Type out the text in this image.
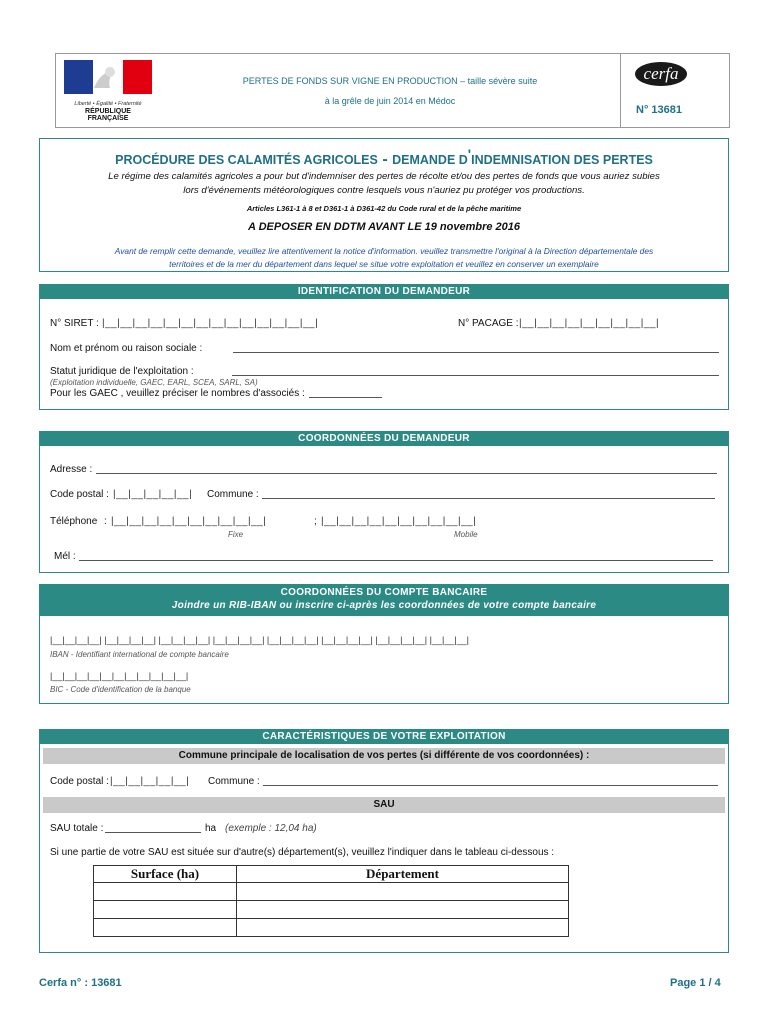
Liberté • Égalité • Fraternité
RÉPUBLIQUE FRANÇAISE
PERTES DE FONDS SUR VIGNE EN PRODUCTION – taille sévère suite
à la grêle de juin 2014 en Médoc
cerfa
N° 13681
PROCÉDURE DES CALAMITÉS AGRICOLES - DEMANDE D'INDEMNISATION DES PERTES
Le régime des calamités agricoles a pour but d'indemniser des pertes de récolte et/ou des pertes de fonds que vous auriez subies
lors d'événements météorologiques contre lesquels vous n'auriez pu protéger vos productions.
Articles L361-1 à 8 et D361-1 à D361-42 du Code rural et de la pêche maritime
A DEPOSER EN DDTM AVANT LE 19 novembre 2016
Avant de remplir cette demande, veuillez lire attentivement la notice d'information. veuillez transmettre l'original à la Direction départementale des
territoires et de la mer du département dans lequel se situe votre exploitation et veuillez en conserver un exemplaire
IDENTIFICATION DU DEMANDEUR
N° SIRET : |__|__|__|__|__|__|__|__|__|__|__|__|__|__|	N° PACAGE : |__|__|__|__|__|__|__|__|__|
Nom et prénom ou raison sociale :
Statut juridique de l'exploitation :
(Exploitation individuelle, GAEC, EARL, SCEA, SARL, SA)
Pour les GAEC , veuillez préciser le nombres d'associés :
COORDONNÉES DU DEMANDEUR
Adresse :
Code postal : |__|__|__|__|__| Commune :
Téléphone : |__|__|__|__|__|__|__|__|__|__|	; |__|__|__|__|__|__|__|__|__|__|
Fixe	Mobile
Mél :
COORDONNÉES DU COMPTE BANCAIRE
Joindre un RIB-IBAN ou inscrire ci-après les coordonnées de votre compte bancaire
|__|__|__|__| |__|__|__|__| |__|__|__|__| |__|__|__|__| |__|__|__|__| |__|__|__|__| |__|__|__|__| |__|__|__|
IBAN - Identifiant international de compte bancaire
|__|__|__|__|__|__|__|__|__|__|__|
BIC - Code d'identification de la banque
CARACTÉRISTIQUES DE VOTRE EXPLOITATION
Commune principale de localisation de vos pertes (si différente de vos coordonnées) :
Code postal : |__|__|__|__|__| Commune :
SAU
SAU totale :	ha (exemple : 12,04 ha)
Si une partie de votre SAU est située sur d'autre(s) département(s), veuillez l'indiquer dans le tableau ci-dessous :
Surface (ha)	Département

Cerfa n° : 13681	Page 1 / 4
